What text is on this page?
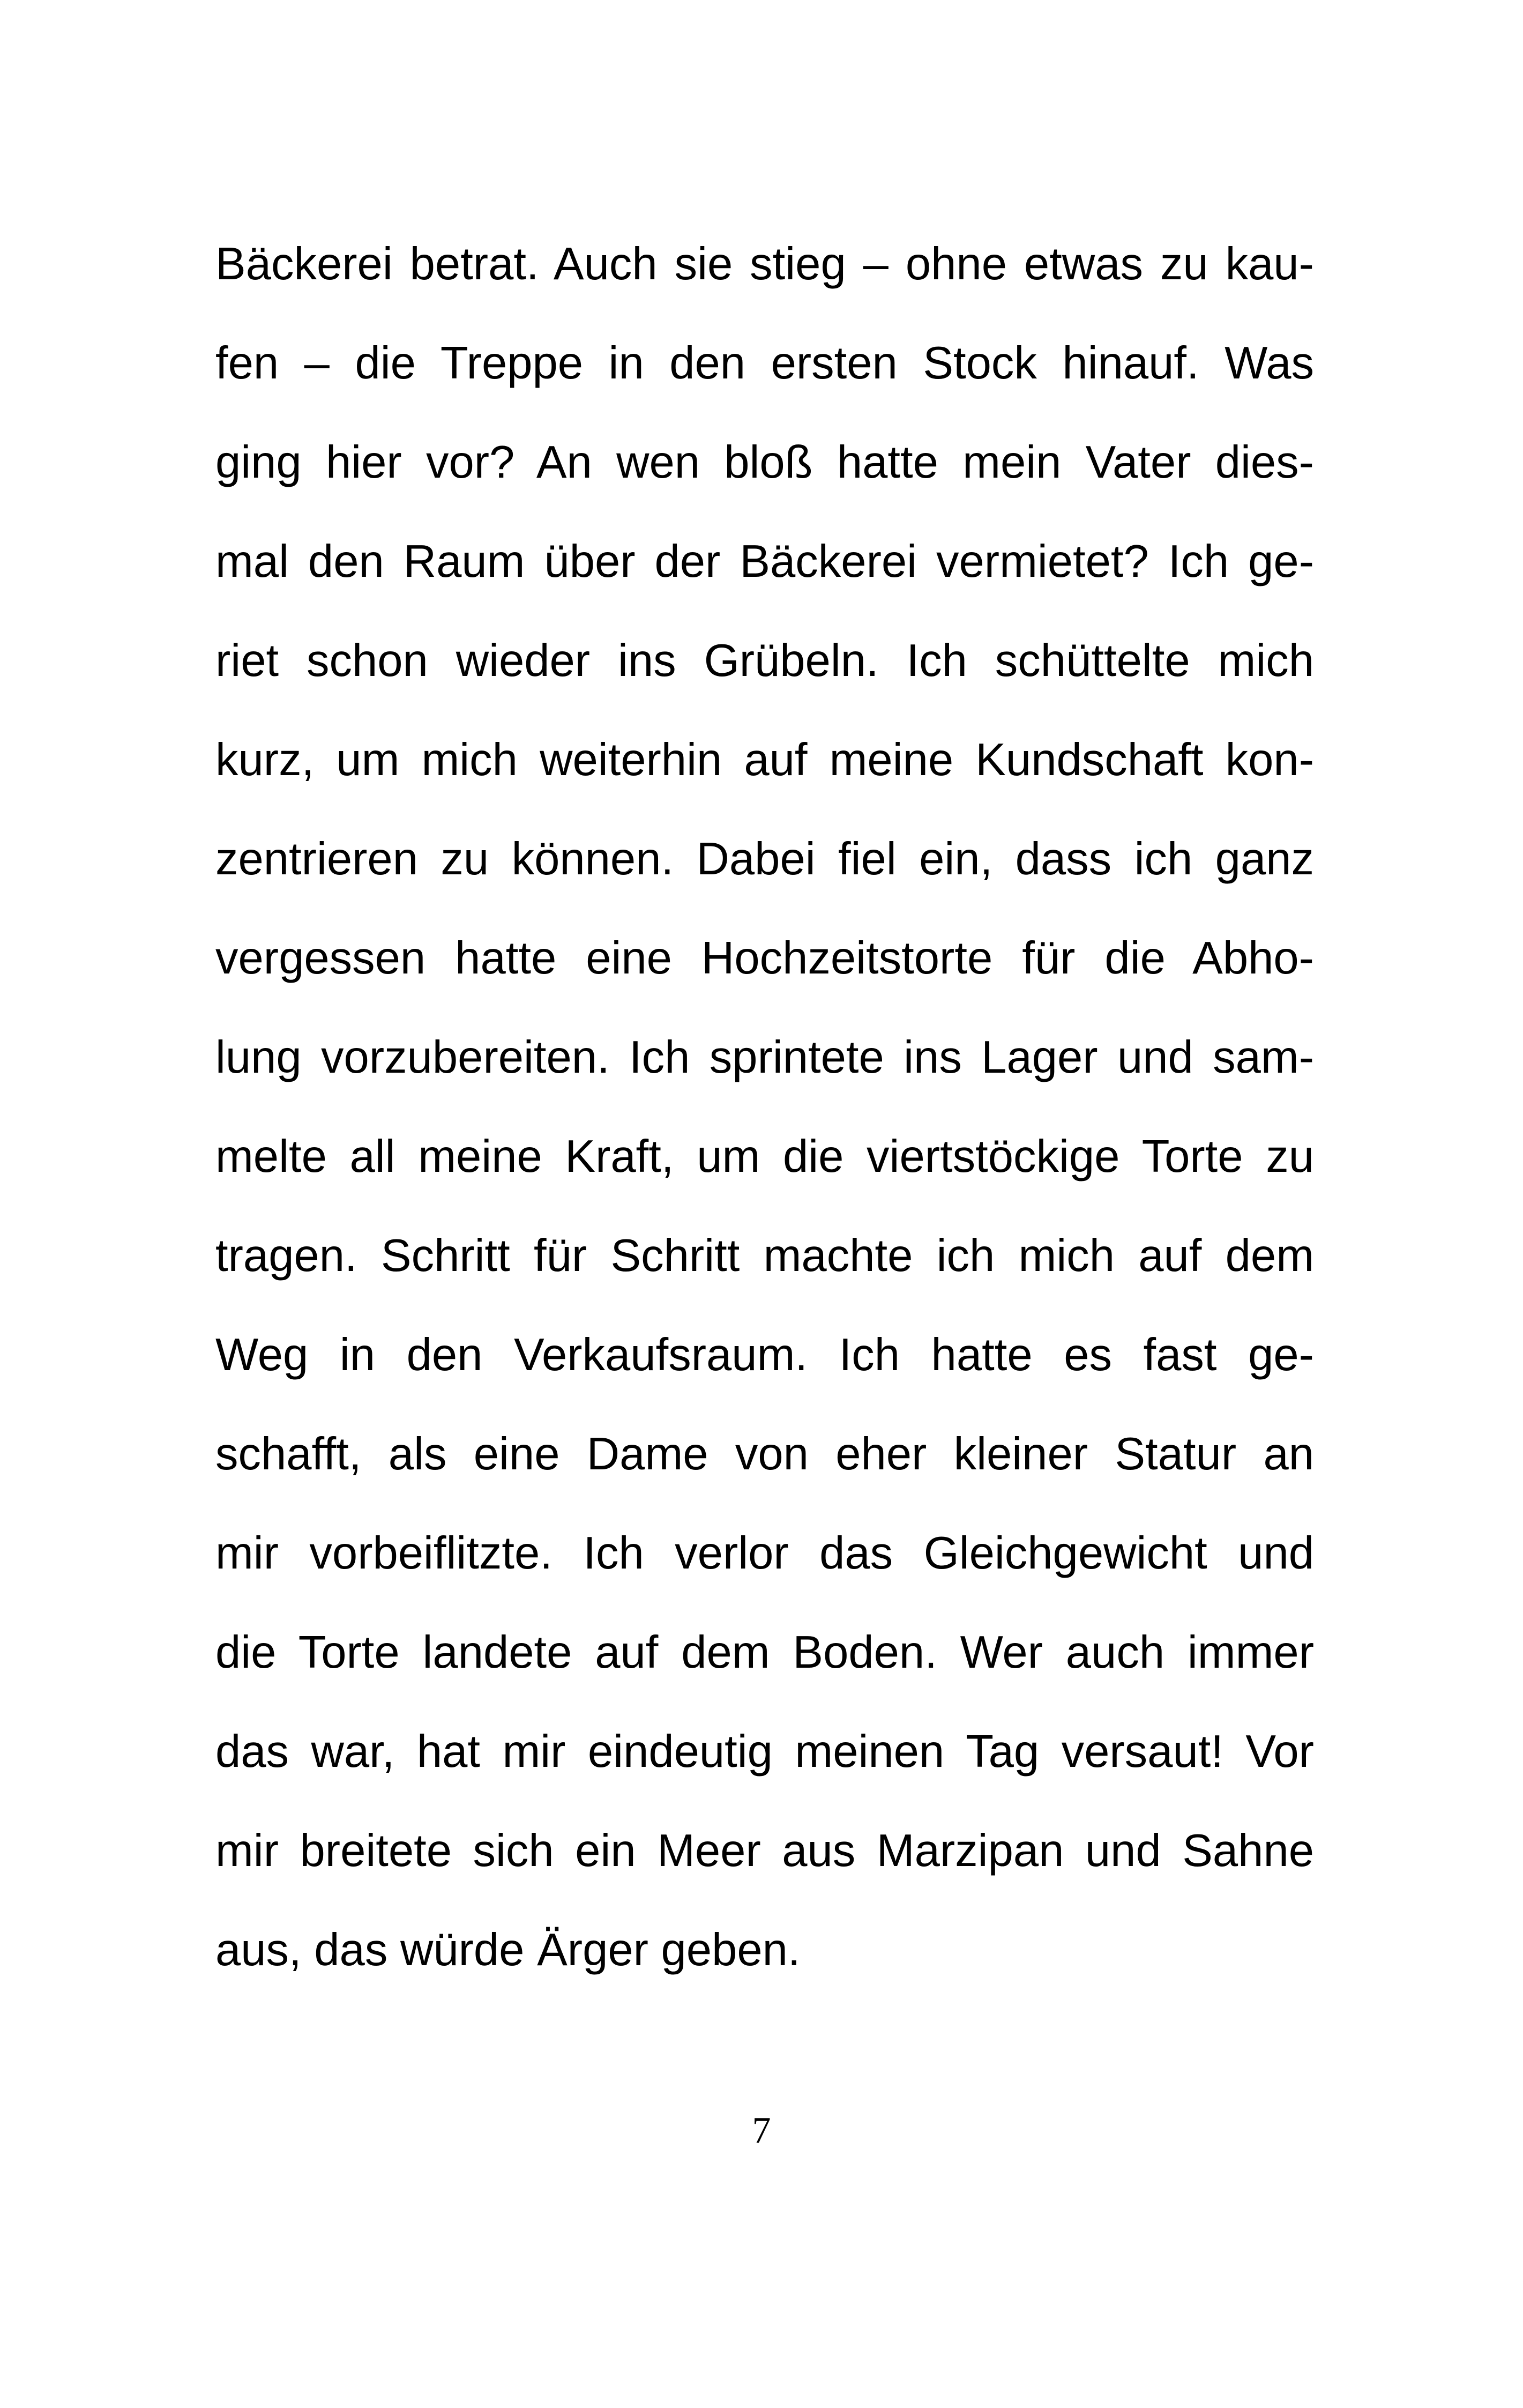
Bäckerei betrat. Auch sie stieg – ohne etwas zu kau-
fen – die Treppe in den ersten Stock hinauf. Was
ging hier vor? An wen bloß hatte mein Vater dies-
mal den Raum über der Bäckerei vermietet? Ich ge-
riet schon wieder ins Grübeln. Ich schüttelte mich
kurz, um mich weiterhin auf meine Kundschaft kon-
zentrieren zu können. Dabei fiel ein, dass ich ganz
vergessen hatte eine Hochzeitstorte für die Abho-
lung vorzubereiten. Ich sprintete ins Lager und sam-
melte all meine Kraft, um die viertstöckige Torte zu
tragen. Schritt für Schritt machte ich mich auf dem
Weg in den Verkaufsraum. Ich hatte es fast ge-
schafft, als eine Dame von eher kleiner Statur an
mir vorbeiflitzte. Ich verlor das Gleichgewicht und
die Torte landete auf dem Boden. Wer auch immer
das war, hat mir eindeutig meinen Tag versaut! Vor
mir breitete sich ein Meer aus Marzipan und Sahne
aus, das würde Ärger geben.
7
